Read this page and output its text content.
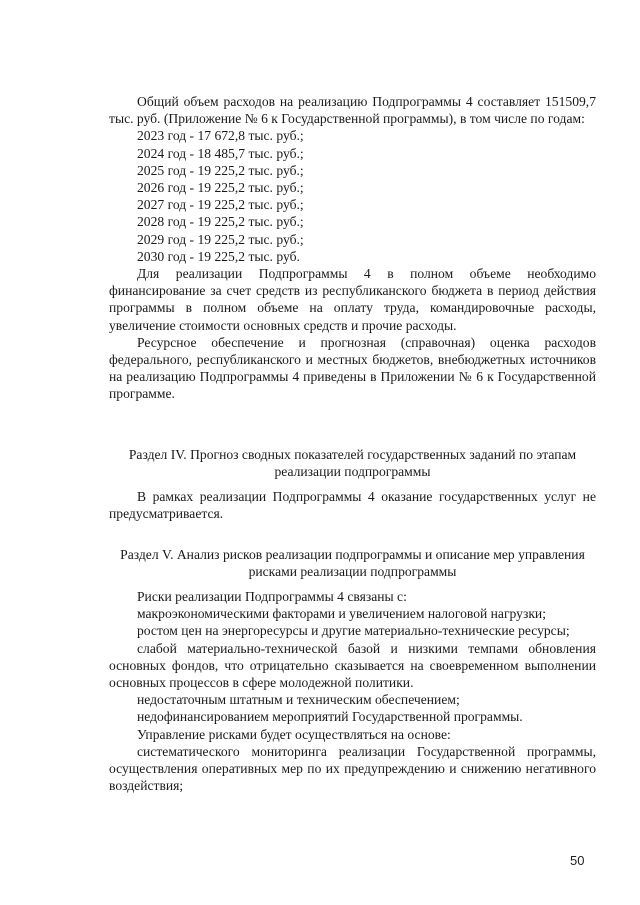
Общий объем расходов на реализацию Подпрограммы 4 составляет 151509,7 тыс. руб. (Приложение № 6 к Государственной программы), в том числе по годам:

2023 год - 17 672,8 тыс. руб.;
2024 год - 18 485,7 тыс. руб.;
2025 год - 19 225,2 тыс. руб.;
2026 год - 19 225,2 тыс. руб.;
2027 год - 19 225,2 тыс. руб.;
2028 год - 19 225,2 тыс. руб.;
2029 год - 19 225,2 тыс. руб.;
2030 год - 19 225,2 тыс. руб.

Для реализации Подпрограммы 4 в полном объеме необходимо финансирование за счет средств из республиканского бюджета в период действия программы в полном объеме на оплату труда, командировочные расходы, увеличение стоимости основных средств и прочие расходы.

Ресурсное обеспечение и прогнозная (справочная) оценка расходов федерального, республиканского и местных бюджетов, внебюджетных источников на реализацию Подпрограммы 4 приведены в Приложении № 6 к Государственной программе.

Раздел IV. Прогноз сводных показателей государственных заданий по этапам реализации подпрограммы

В рамках реализации Подпрограммы 4 оказание государственных услуг не предусматривается.

Раздел V. Анализ рисков реализации подпрограммы и описание мер управления рисками реализации подпрограммы

Риски реализации Подпрограммы 4 связаны с:

макроэкономическими факторами и увеличением налоговой нагрузки;

ростом цен на энергоресурсы и другие материально-технические ресурсы;

слабой материально-технической базой и низкими темпами обновления основных фондов, что отрицательно сказывается на своевременном выполнении основных процессов в сфере молодежной политики.

недостаточным штатным и техническим обеспечением;

недофинансированием мероприятий Государственной программы.

Управление рисками будет осуществляться на основе:

систематического мониторинга реализации Государственной программы, осуществления оперативных мер по их предупреждению и снижению негативного воздействия;

50
